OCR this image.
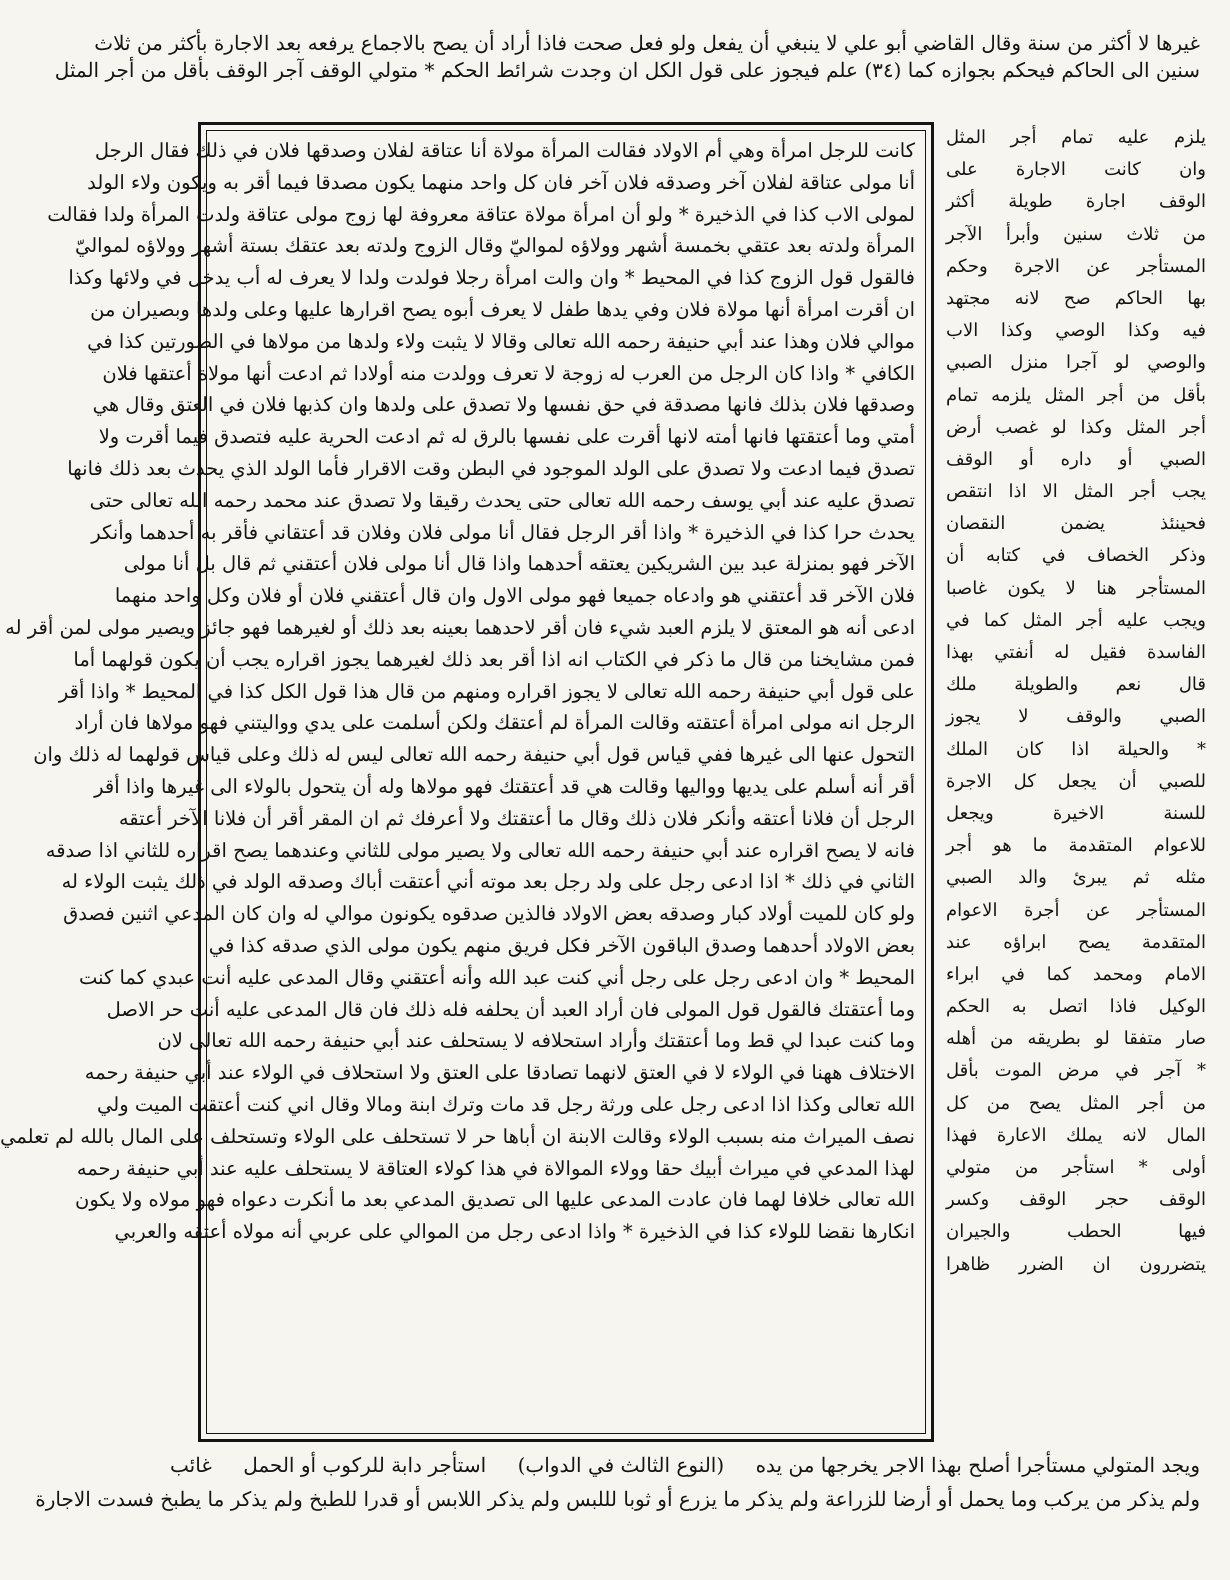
غيرها لا أكثر من سنة وقال القاضي أبو علي لا ينبغي أن يفعل ولو فعل صحت فاذا أراد أن يصح بالاجماع يرفعه بعد الاجارة بأكثر من ثلاث
سنين الى الحاكم فيحكم بجوازه كما (٣٤) علم فيجوز على قول الكل ان وجدت شرائط الحكم * متولي الوقف آجر الوقف بأقل من أجر المثل
كانت للرجل امرأة وهي أم الاولاد فقالت المرأة مولاة أنا عتاقة لفلان وصدقها فلان في ذلك فقال الرجل
أنا مولى عتاقة لفلان آخر وصدقه فلان آخر فان كل واحد منهما يكون مصدقا فيما أقر به ويكون ولاء الولد
لمولى الاب كذا في الذخيرة * ولو أن امرأة مولاة عتاقة معروفة لها زوج مولى عتاقة ولدت المرأة ولدا فقالت
المرأة ولدته بعد عتقي بخمسة أشهر وولاؤه لمواليّ وقال الزوج ولدته بعد عتقك بستة أشهر وولاؤه لمواليّ
فالقول قول الزوج كذا في المحيط * وان والت امرأة رجلا فولدت ولدا لا يعرف له أب يدخل في ولائها وكذا
ان أقرت امرأة أنها مولاة فلان وفي يدها طفل لا يعرف أبوه يصح اقرارها عليها وعلى ولدها وبصيران من
موالي فلان وهذا عند أبي حنيفة رحمه الله تعالى وقالا لا يثبت ولاء ولدها من مولاها في الصورتين كذا في
الكافي * واذا كان الرجل من العرب له زوجة لا تعرف وولدت منه أولادا ثم ادعت أنها مولاة أعتقها فلان
وصدقها فلان بذلك فانها مصدقة في حق نفسها ولا تصدق على ولدها وان كذبها فلان في العتق وقال هي
أمتي وما أعتقتها فانها أمته لانها أقرت على نفسها بالرق له ثم ادعت الحرية عليه فتصدق فيما أقرت ولا
تصدق فيما ادعت ولا تصدق على الولد الموجود في البطن وقت الاقرار فأما الولد الذي يحدث بعد ذلك فانها
تصدق عليه عند أبي يوسف رحمه الله تعالى حتى يحدث رقيقا ولا تصدق عند محمد رحمه الله تعالى حتى
يحدث حرا كذا في الذخيرة * واذا أقر الرجل فقال أنا مولى فلان وفلان قد أعتقاني فأقر به أحدهما وأنكر
الآخر فهو بمنزلة عبد بين الشريكين يعتقه أحدهما واذا قال أنا مولى فلان أعتقني ثم قال بل أنا مولى
فلان الآخر قد أعتقني هو وادعاه جميعا فهو مولى الاول وان قال أعتقني فلان أو فلان وكل واحد منهما
ادعى أنه هو المعتق لا يلزم العبد شيء فان أقر لاحدهما بعينه بعد ذلك أو لغيرهما فهو جائز ويصير مولى لمن أقر له
فمن مشايخنا من قال ما ذكر في الكتاب انه اذا أقر بعد ذلك لغيرهما يجوز اقراره يجب أن يكون قولهما أما
على قول أبي حنيفة رحمه الله تعالى لا يجوز اقراره ومنهم من قال هذا قول الكل كذا في المحيط * واذا أقر
الرجل انه مولى امرأة أعتقته وقالت المرأة لم أعتقك ولكن أسلمت على يدي وواليتني فهو مولاها فان أراد
التحول عنها الى غيرها ففي قياس قول أبي حنيفة رحمه الله تعالى ليس له ذلك وعلى قياس قولهما له ذلك وان
أقر أنه أسلم على يديها وواليها وقالت هي قد أعتقتك فهو مولاها وله أن يتحول بالولاء الى غيرها واذا أقر
الرجل أن فلانا أعتقه وأنكر فلان ذلك وقال ما أعتقتك ولا أعرفك ثم ان المقر أقر أن فلانا الآخر أعتقه
فانه لا يصح اقراره عند أبي حنيفة رحمه الله تعالى ولا يصير مولى للثاني وعندهما يصح اقراره للثاني اذا صدقه
الثاني في ذلك * اذا ادعى رجل على ولد رجل بعد موته أني أعتقت أباك وصدقه الولد في ذلك يثبت الولاء له
ولو كان للميت أولاد كبار وصدقه بعض الاولاد فالذين صدقوه يكونون موالي له وان كان المدعي اثنين فصدق
بعض الاولاد أحدهما وصدق الباقون الآخر فكل فريق منهم يكون مولى الذي صدقه كذا في
المحيط * وان ادعى رجل على رجل أني كنت عبد الله وأنه أعتقني وقال المدعى عليه أنت عبدي كما كنت
وما أعتقتك فالقول قول المولى فان أراد العبد أن يحلفه فله ذلك فان قال المدعى عليه أنت حر الاصل
وما كنت عبدا لي قط وما أعتقتك وأراد استحلافه لا يستحلف عند أبي حنيفة رحمه الله تعالى لان
الاختلاف ههنا في الولاء لا في العتق لانهما تصادقا على العتق ولا استحلاف في الولاء عند أبي حنيفة رحمه
الله تعالى وكذا اذا ادعى رجل على ورثة رجل قد مات وترك ابنة ومالا وقال اني كنت أعتقت الميت ولي
نصف الميراث منه بسبب الولاء وقالت الابنة ان أباها حر لا تستحلف على الولاء وتستحلف على المال بالله لم تعلمي
لهذا المدعي في ميراث أبيك حقا وولاء الموالاة في هذا كولاء العتاقة لا يستحلف عليه عند أبي حنيفة رحمه
الله تعالى خلافا لهما فان عادت المدعى عليها الى تصديق المدعي بعد ما أنكرت دعواه فهو مولاه ولا يكون
انكارها نقضا للولاء كذا في الذخيرة * واذا ادعى رجل من الموالي على عربي أنه مولاه أعتقه والعربي
يلزم عليه تمام أجر المثل
وان كانت الاجارة على
الوقف اجارة طويلة أكثر
من ثلاث سنين وأبرأ الآجر
المستأجر عن الاجرة وحكم
بها الحاكم صح لانه مجتهد
فيه وكذا الوصي وكذا الاب
والوصي لو آجرا منزل الصبي
بأقل من أجر المثل يلزمه تمام
أجر المثل وكذا لو غصب أرض
الصبي أو داره أو الوقف
يجب أجر المثل الا اذا انتقص
فحينئذ يضمن النقصان
وذكر الخصاف في كتابه أن
المستأجر هنا لا يكون غاصبا
ويجب عليه أجر المثل كما في
الفاسدة فقيل له أنفتي بهذا
قال نعم والطويلة ملك
الصبي والوقف لا يجوز
* والحيلة اذا كان الملك
للصبي أن يجعل كل الاجرة
للسنة الاخيرة ويجعل
للاعوام المتقدمة ما هو أجر
مثله ثم يبرئ والد الصبي
المستأجر عن أجرة الاعوام
المتقدمة يصح ابراؤه عند
الامام ومحمد كما في ابراء
الوكيل فاذا اتصل به الحكم
صار متفقا لو بطريقه من أهله
* آجر في مرض الموت بأقل
من أجر المثل يصح من كل
المال لانه يملك الاعارة فهذا
أولى * استأجر من متولي
الوقف حجر الوقف وكسر
فيها الحطب والجيران
يتضررون ان الضرر ظاهرا
ويجد المتولي مستأجرا أصلح بهذا الاجر يخرجها من يده
(النوع الثالث في الدواب)
استأجر دابة للركوب أو الحمل
غائب
ولم يذكر من يركب وما يحمل أو أرضا للزراعة ولم يذكر ما يزرع أو ثوبا لللبس ولم يذكر اللابس أو قدرا للطبخ ولم يذكر ما يطبخ فسدت الاجارة
